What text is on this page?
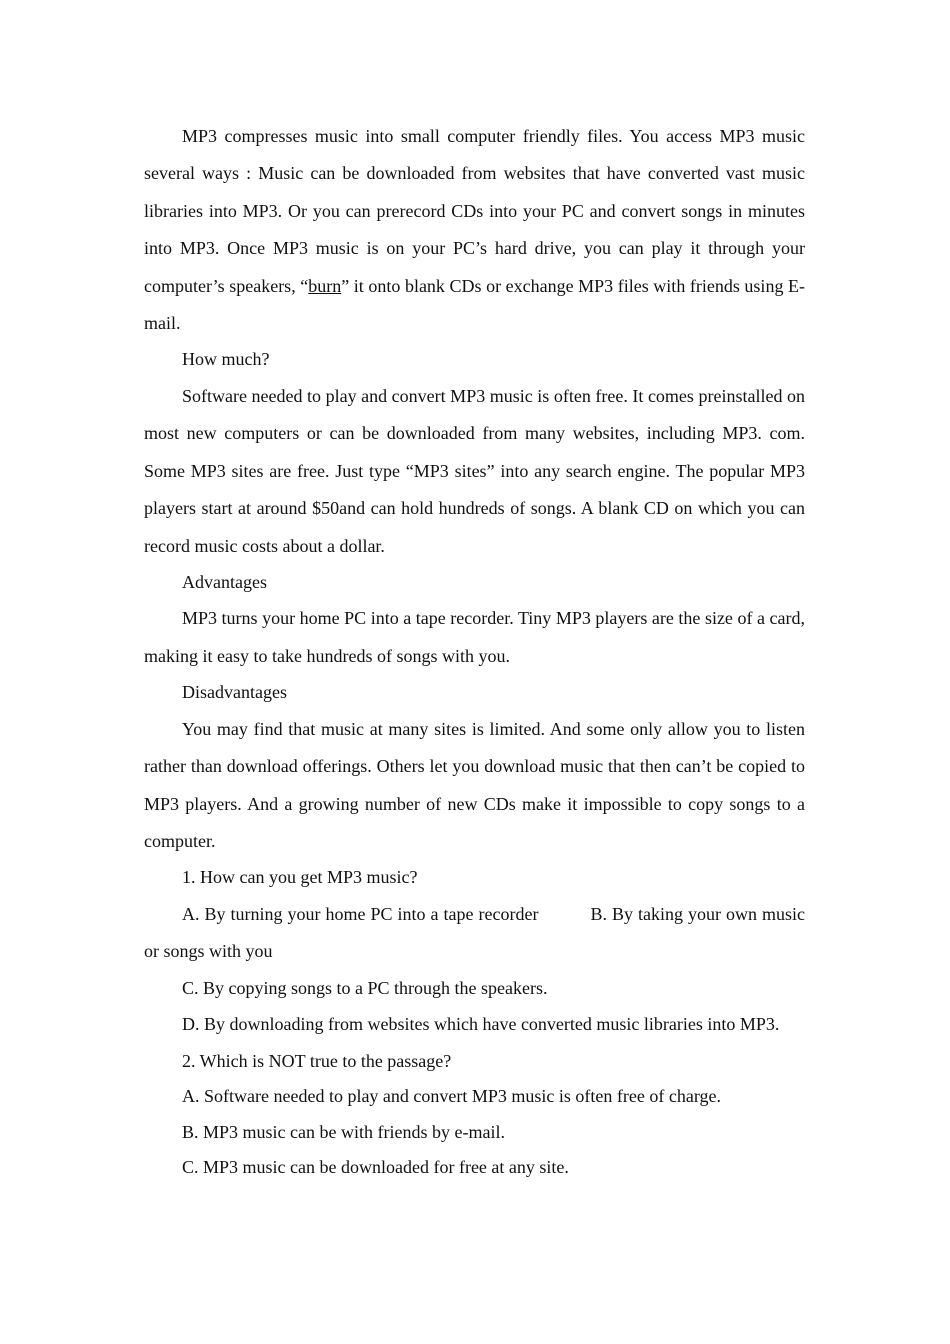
MP3 compresses music into small computer friendly files. You access MP3 music several ways : Music can be downloaded from websites that have converted vast music libraries into MP3. Or you can prerecord CDs into your PC and convert songs in minutes into MP3. Once MP3 music is on your PC’s hard drive, you can play it through your computer’s speakers, “burn” it onto blank CDs or exchange MP3 files with friends using E-mail.

How much?

Software needed to play and convert MP3 music is often free. It comes preinstalled on most new computers or can be downloaded from many websites, including MP3. com. Some MP3 sites are free. Just type “MP3 sites” into any search engine. The popular MP3 players start at around $50and can hold hundreds of songs. A blank CD on which you can record music costs about a dollar.

Advantages

MP3 turns your home PC into a tape recorder. Tiny MP3 players are the size of a card, making it easy to take hundreds of songs with you.

Disadvantages

You may find that music at many sites is limited. And some only allow you to listen rather than download offerings. Others let you download music that then can’t be copied to MP3 players. And a growing number of new CDs make it impossible to copy songs to a computer.

1. How can you get MP3 music?

A. By turning your home PC into a tape recorder	B. By taking your own music or songs with you

C. By copying songs to a PC through the speakers.

D. By downloading from websites which have converted music libraries into MP3.

2. Which is NOT true to the passage?

A. Software needed to play and convert MP3 music is often free of charge.

B. MP3 music can be with friends by e-mail.

C. MP3 music can be downloaded for free at any site.
